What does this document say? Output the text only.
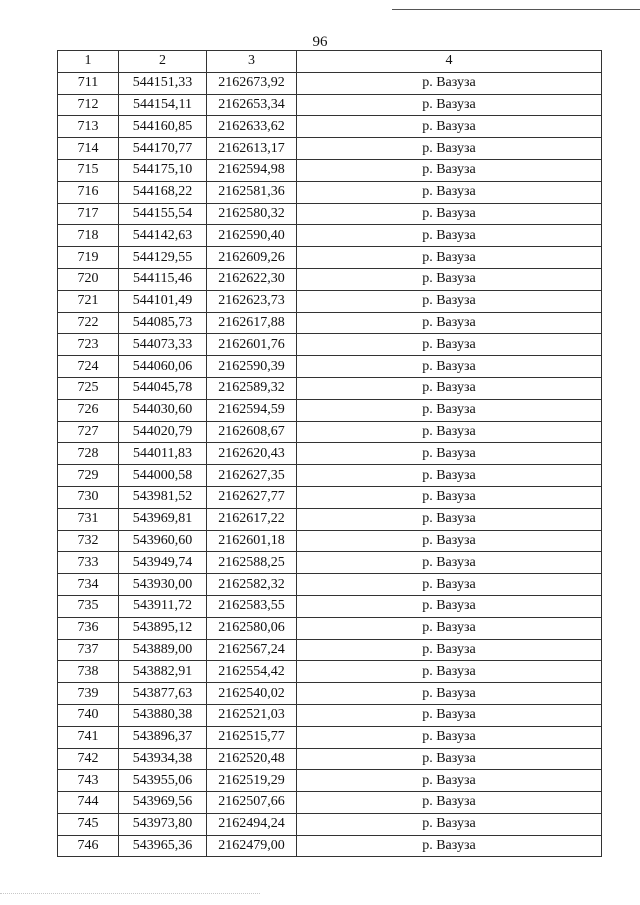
96
1	2	3	4
711	544151,33	2162673,92	р. Вазуза
712	544154,11	2162653,34	р. Вазуза
713	544160,85	2162633,62	р. Вазуза
714	544170,77	2162613,17	р. Вазуза
715	544175,10	2162594,98	р. Вазуза
716	544168,22	2162581,36	р. Вазуза
717	544155,54	2162580,32	р. Вазуза
718	544142,63	2162590,40	р. Вазуза
719	544129,55	2162609,26	р. Вазуза
720	544115,46	2162622,30	р. Вазуза
721	544101,49	2162623,73	р. Вазуза
722	544085,73	2162617,88	р. Вазуза
723	544073,33	2162601,76	р. Вазуза
724	544060,06	2162590,39	р. Вазуза
725	544045,78	2162589,32	р. Вазуза
726	544030,60	2162594,59	р. Вазуза
727	544020,79	2162608,67	р. Вазуза
728	544011,83	2162620,43	р. Вазуза
729	544000,58	2162627,35	р. Вазуза
730	543981,52	2162627,77	р. Вазуза
731	543969,81	2162617,22	р. Вазуза
732	543960,60	2162601,18	р. Вазуза
733	543949,74	2162588,25	р. Вазуза
734	543930,00	2162582,32	р. Вазуза
735	543911,72	2162583,55	р. Вазуза
736	543895,12	2162580,06	р. Вазуза
737	543889,00	2162567,24	р. Вазуза
738	543882,91	2162554,42	р. Вазуза
739	543877,63	2162540,02	р. Вазуза
740	543880,38	2162521,03	р. Вазуза
741	543896,37	2162515,77	р. Вазуза
742	543934,38	2162520,48	р. Вазуза
743	543955,06	2162519,29	р. Вазуза
744	543969,56	2162507,66	р. Вазуза
745	543973,80	2162494,24	р. Вазуза
746	543965,36	2162479,00	р. Вазуза
